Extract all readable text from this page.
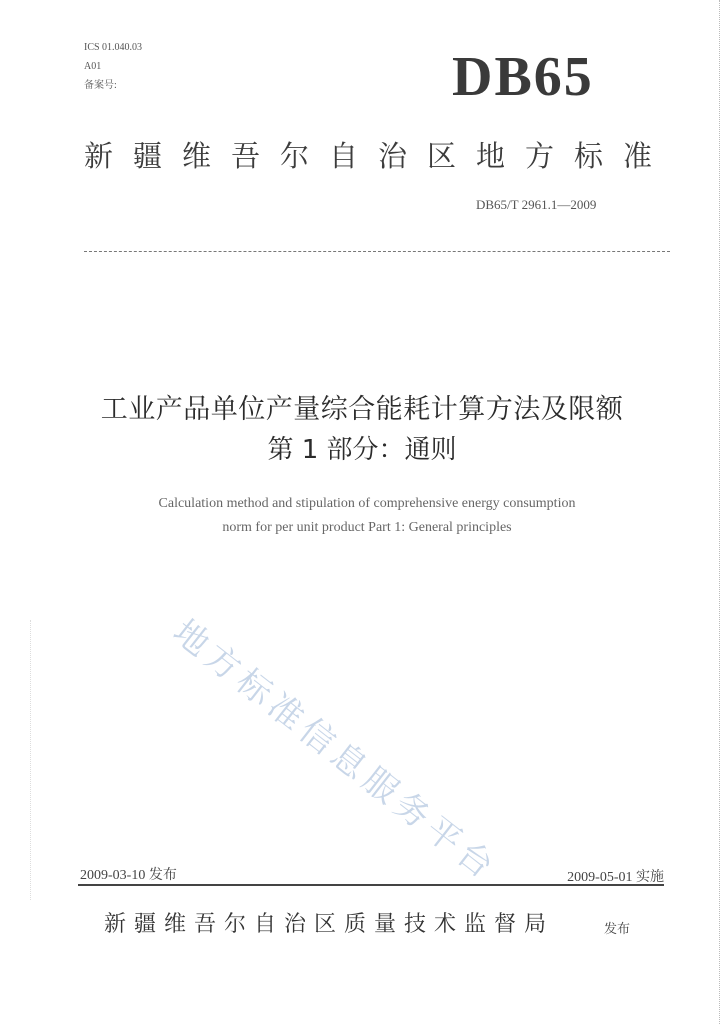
ICS 01.040.03
A01
备案号:	DB65
新疆维吾尔自治区地方标准
DB65/T 2961.1—2009
工业产品单位产量综合能耗计算方法及限额
第 1 部分：通则
Calculation method and stipulation of comprehensive energy consumption
norm for per unit product Part 1: General principles
地方标准信息服务平台
2009-03-10 发布	2009-05-01 实施
新疆维吾尔自治区质量技术监督局	发布
